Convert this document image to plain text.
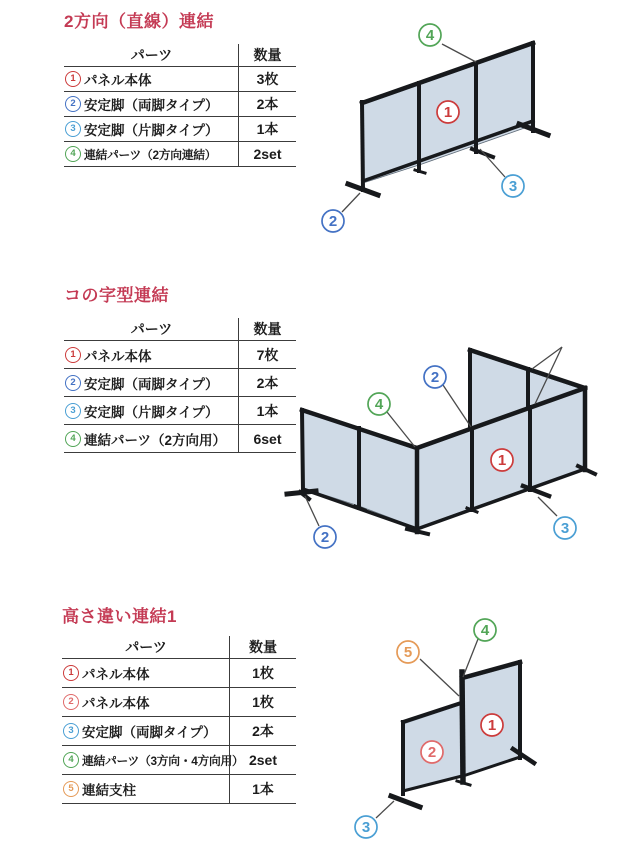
2方向（直線）連結
パーツ	数量
1 パネル本体	3枚
2 安定脚（両脚タイプ）	2本
3 安定脚（片脚タイプ）	1本
4 連結パーツ（2方向連結）	2set
4
1
3
2
コの字型連結
パーツ	数量
1 パネル本体	7枚
2 安定脚（両脚タイプ）	2本
3 安定脚（片脚タイプ）	1本
4 連結パーツ（2方向用）	6set
2
4
1
3
2
高さ違い連結1
パーツ	数量
1 パネル本体	1枚
2 パネル本体	1枚
3 安定脚（両脚タイプ）	2本
4 連結パーツ（3方向・4方向用） 2set
5 連結支柱	1本
4
5
1
2
3
